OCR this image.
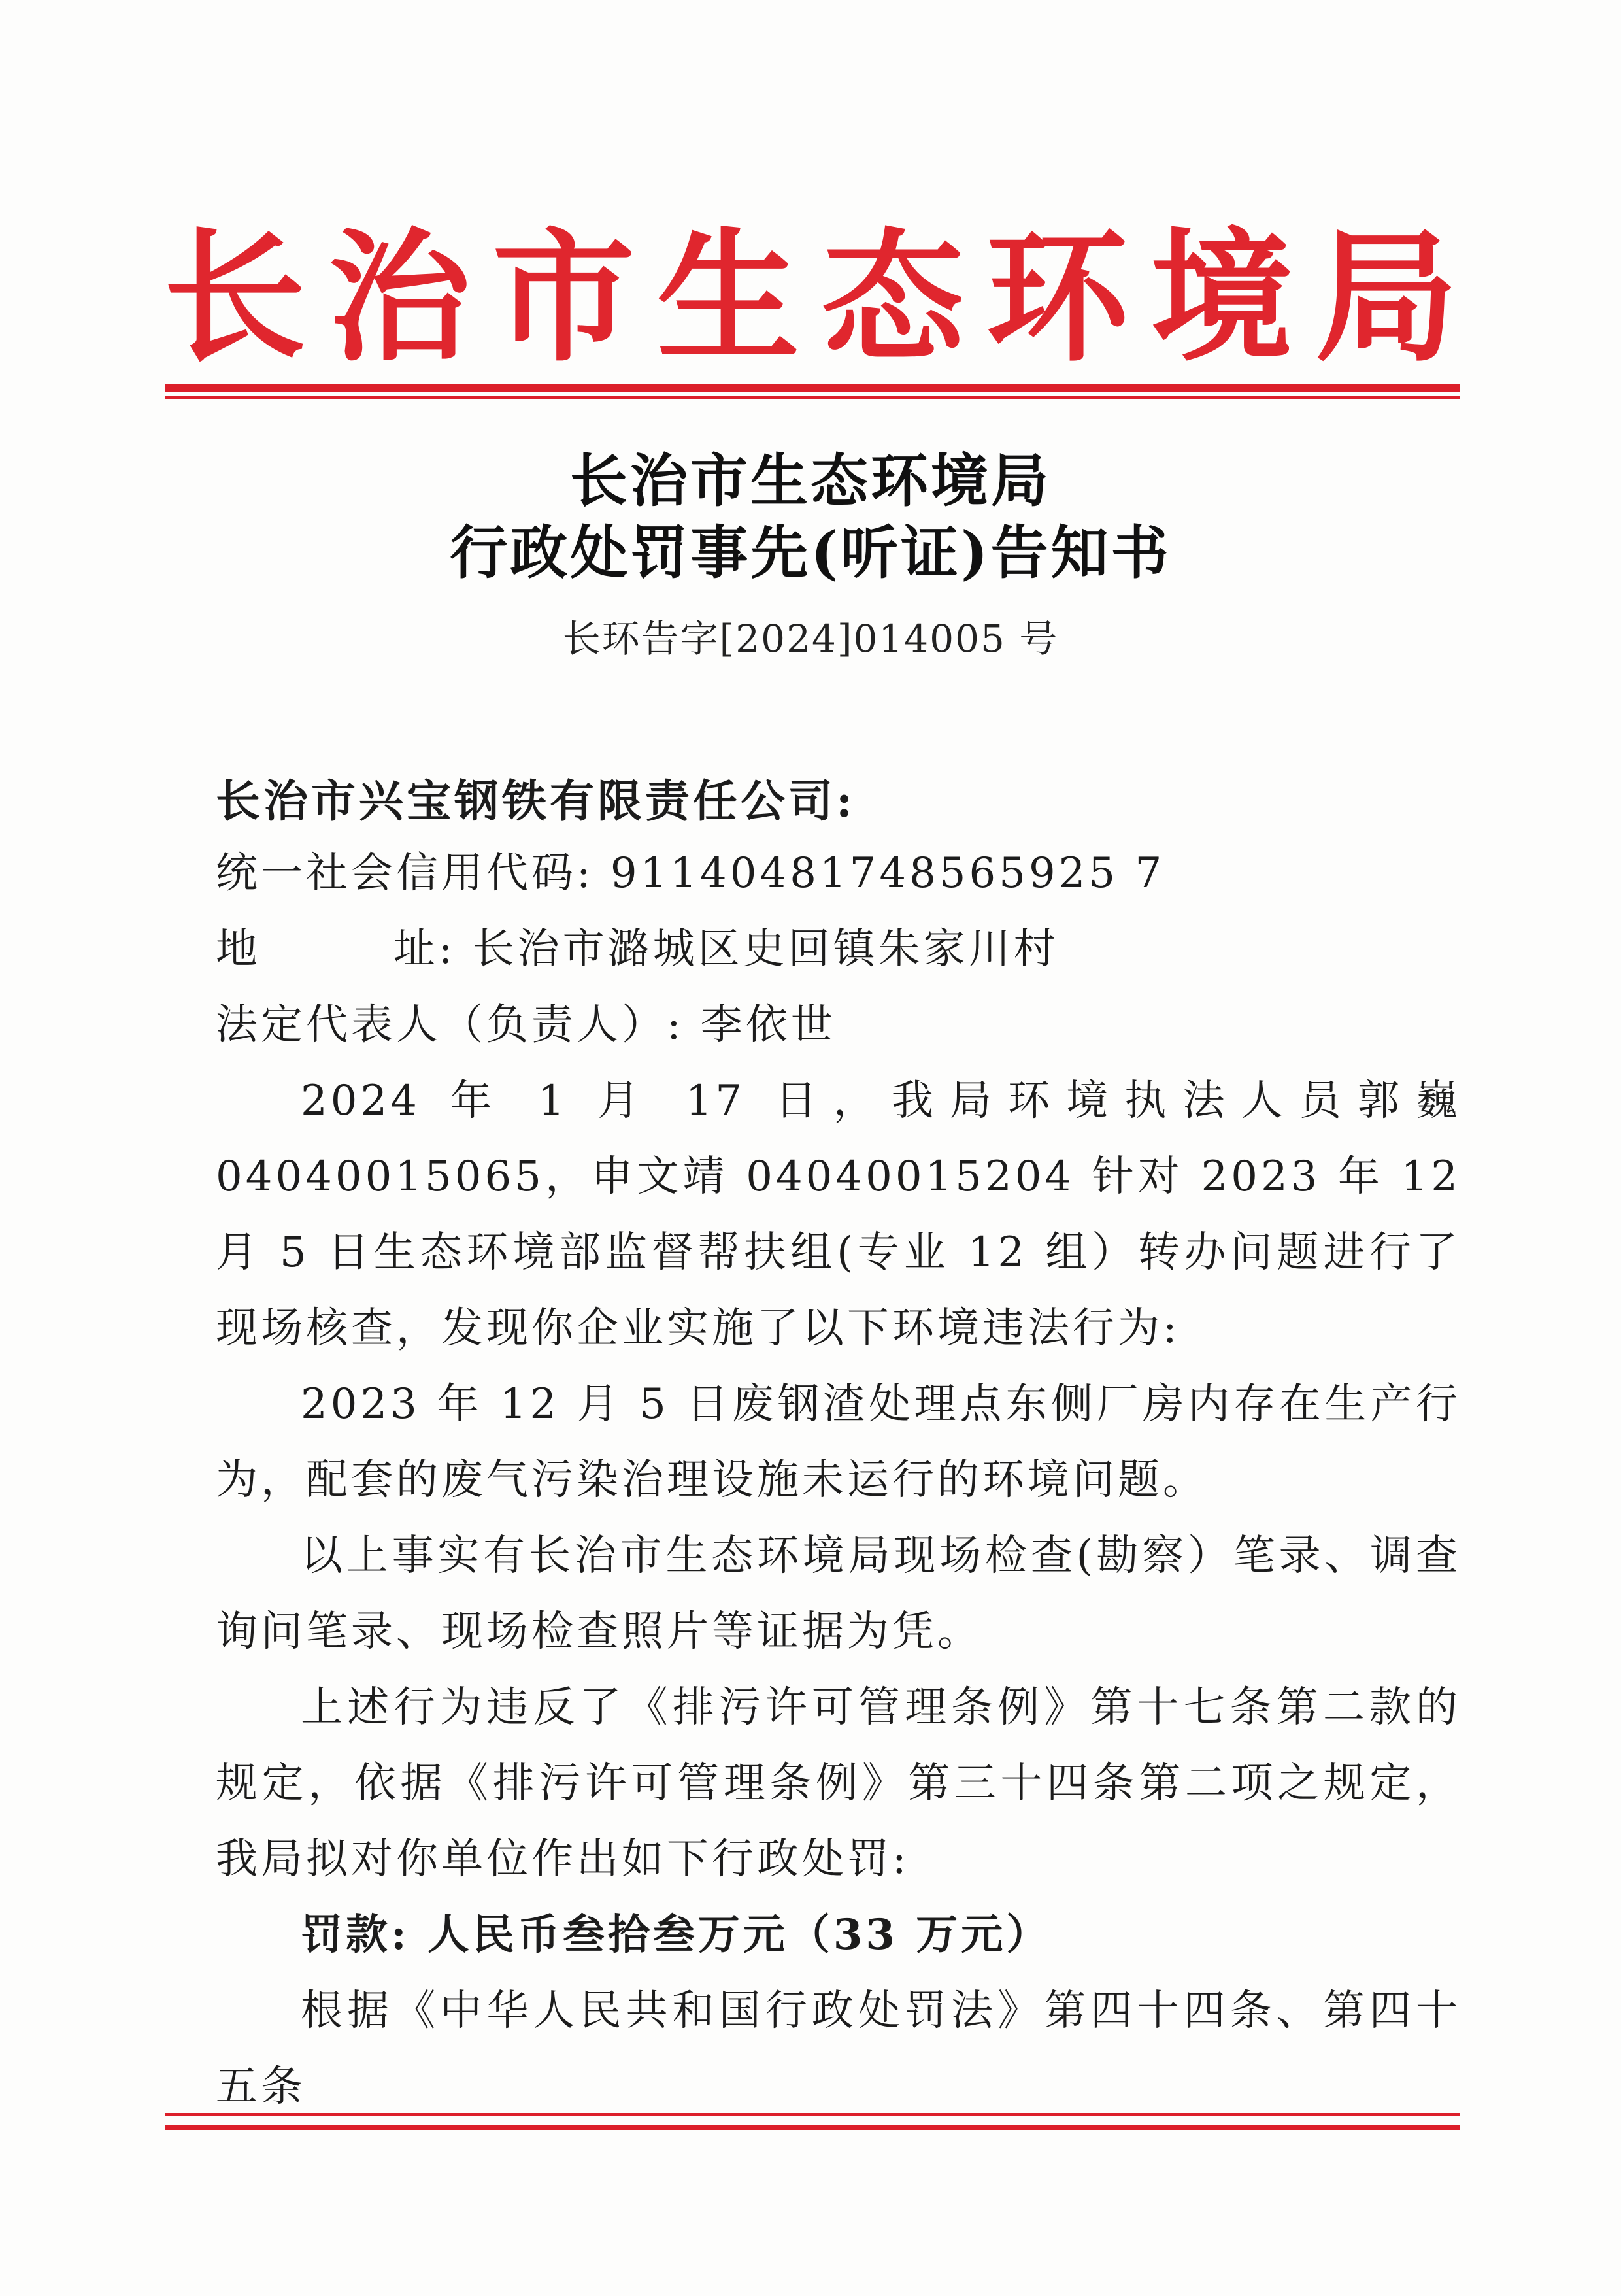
长 治 市 生 态 环 境 局
长治市生态环境局
行政处罚事先(听证)告知书
长环告字[2024]014005 号
长治市兴宝钢铁有限责任公司:
统一社会信用代码: 91140481748565925 7
地        址: 长治市潞城区史回镇朱家川村
法定代表人（负责人）: 李依世
2024 年 1 月 17 日，我局环境执法人员郭巍 04040015065，申文靖 04040015204 针对 2023 年 12 月 5 日生态环境部监督帮扶组(专业 12 组）转办问题进行了现场核查，发现你企业实施了以下环境违法行为:
2023 年 12 月 5 日废钢渣处理点东侧厂房内存在生产行为，配套的废气污染治理设施未运行的环境问题。
以上事实有长治市生态环境局现场检查(勘察）笔录、调查询问笔录、现场检查照片等证据为凭。
上述行为违反了《排污许可管理条例》第十七条第二款的规定，依据《排污许可管理条例》第三十四条第二项之规定，我局拟对你单位作出如下行政处罚:
罚款: 人民币叁拾叁万元（33 万元）
根据《中华人民共和国行政处罚法》第四十四条、第四十五条
